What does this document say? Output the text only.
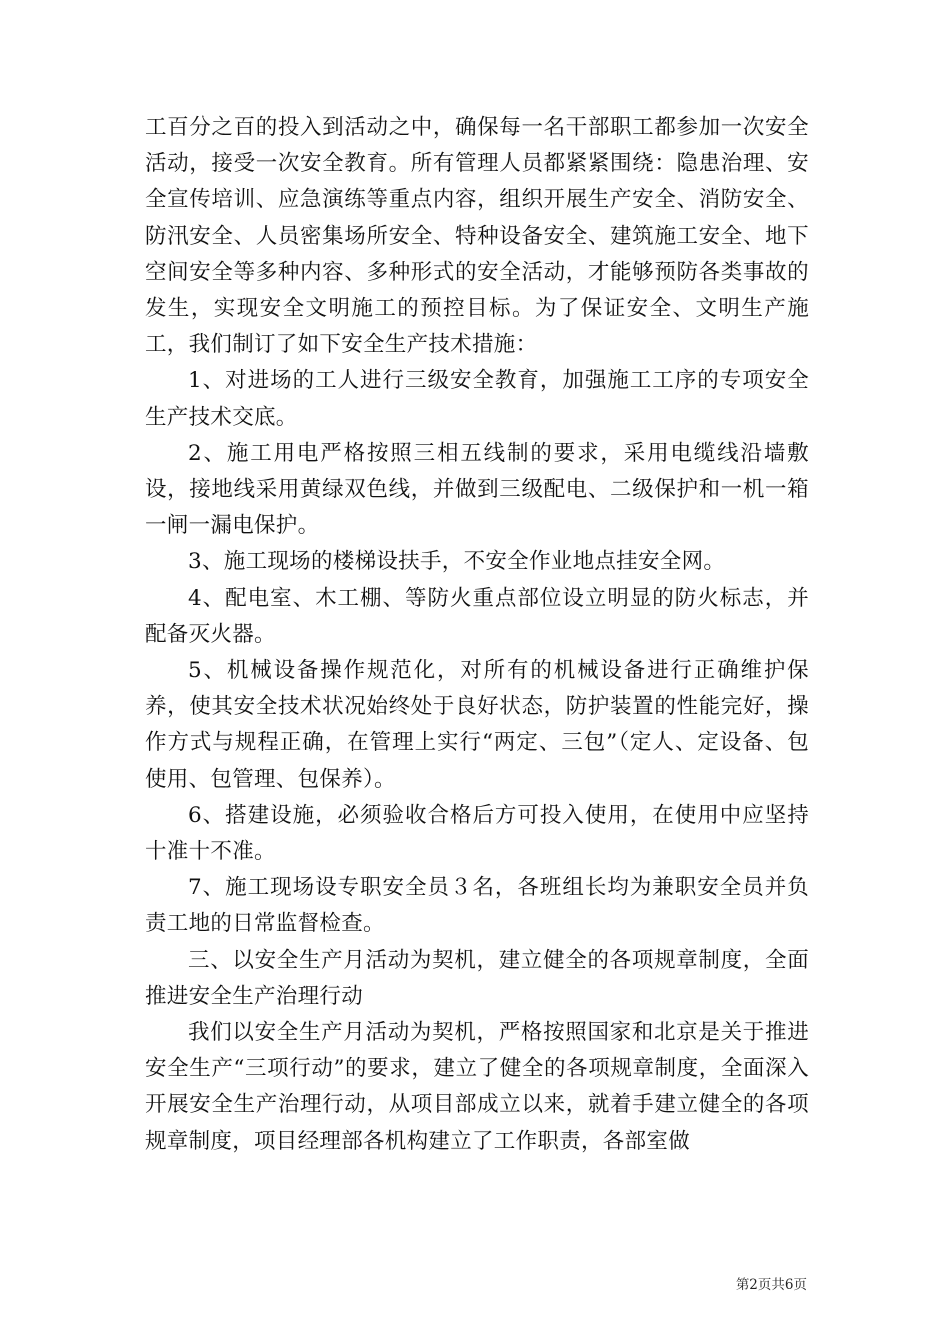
工百分之百的投入到活动之中，确保每一名干部职工都参加一次安全活动，接受一次安全教育。所有管理人员都紧紧围绕：隐患治理、安全宣传培训、应急演练等重点内容，组织开展生产安全、消防安全、防汛安全、人员密集场所安全、特种设备安全、建筑施工安全、地下空间安全等多种内容、多种形式的安全活动，才能够预防各类事故的发生，实现安全文明施工的预控目标。为了保证安全、文明生产施工，我们制订了如下安全生产技术措施：

1、对进场的工人进行三级安全教育，加强施工工序的专项安全生产技术交底。

2、施工用电严格按照三相五线制的要求，采用电缆线沿墙敷设，接地线采用黄绿双色线，并做到三级配电、二级保护和一机一箱一闸一漏电保护。

3、施工现场的楼梯设扶手，不安全作业地点挂安全网。

4、配电室、木工棚、等防火重点部位设立明显的防火标志，并配备灭火器。

5、机械设备操作规范化，对所有的机械设备进行正确维护保养，使其安全技术状况始终处于良好状态，防护装置的性能完好，操作方式与规程正确，在管理上实行“两定、三包”（定人、定设备、包使用、包管理、包保养）。

6、搭建设施，必须验收合格后方可投入使用，在使用中应坚持十准十不准。

7、施工现场设专职安全员３名，各班组长均为兼职安全员并负责工地的日常监督检查。

三、以安全生产月活动为契机，建立健全的各项规章制度，全面推进安全生产治理行动

我们以安全生产月活动为契机，严格按照国家和北京是关于推进安全生产“三项行动”的要求，建立了健全的各项规章制度，全面深入开展安全生产治理行动，从项目部成立以来，就着手建立健全的各项规章制度，项目经理部各机构建立了工作职责，各部室做

第2页共6页
